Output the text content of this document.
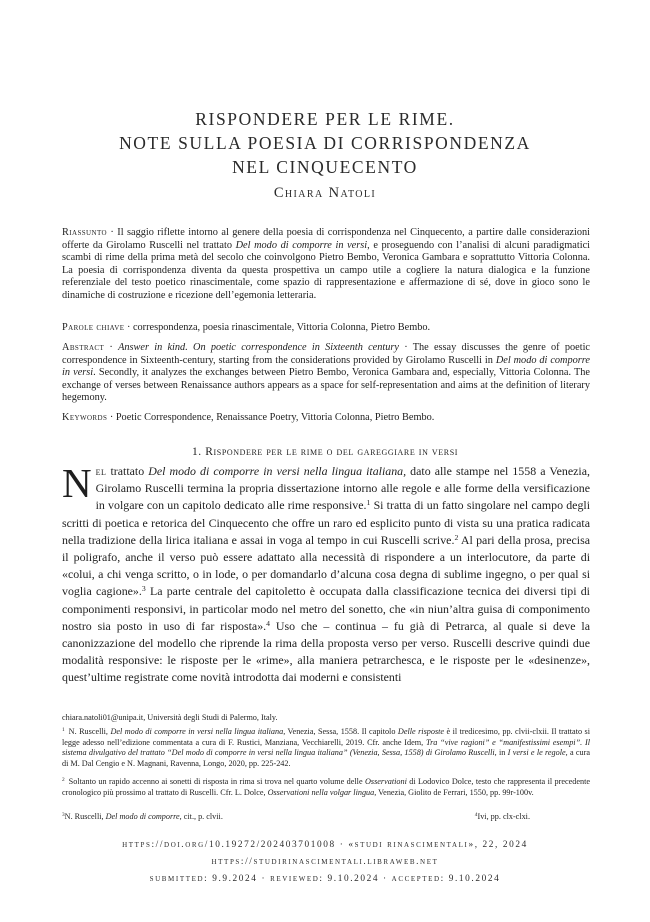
RISPONDERE PER LE RIME.
NOTE SULLA POESIA DI CORRISPONDENZA
NEL CINQUECENTO
Chiara Natoli

Riassunto · Il saggio riflette intorno al genere della poesia di corrispondenza nel Cinquecento, a partire dalle considerazioni offerte da Girolamo Ruscelli nel trattato Del modo di comporre in versi, e proseguendo con l’analisi di alcuni paradigmatici scambi di rime della prima metà del secolo che coinvolgono Pietro Bembo, Veronica Gambara e soprattutto Vittoria Colonna. La poesia di corrispondenza diventa da questa prospettiva un campo utile a cogliere la natura dialogica e la funzione referenziale del testo poetico rinascimentale, come spazio di rappresentazione e affermazione di sé, dove in gioco sono le dinamiche di costruzione e ricezione dell’egemonia letteraria.

Parole chiave · correspondenza, poesia rinascimentale, Vittoria Colonna, Pietro Bembo.

Abstract · Answer in kind. On poetic correspondence in Sixteenth century · The essay discusses the genre of poetic correspondence in Sixteenth-century, starting from the considerations provided by Girolamo Ruscelli in Del modo di comporre in versi. Secondly, it analyzes the exchanges between Pietro Bembo, Veronica Gambara and, especially, Vittoria Colonna. The exchange of verses between Renaissance authors appears as a space for self-representation and aims at the definition of literary hegemony.

Keywords · Poetic Correspondence, Renaissance Poetry, Vittoria Colonna, Pietro Bembo.

1. Rispondere per le rime o del gareggiare in versi

Nel trattato Del modo di comporre in versi nella lingua italiana, dato alle stampe nel 1558 a Venezia, Girolamo Ruscelli termina la propria dissertazione intorno alle regole e alle forme della versificazione in volgare con un capitolo dedicato alle rime responsive.$^1$ Si tratta di un fatto singolare nel campo degli scritti di poetica e retorica del Cinquecento che offre un raro ed esplicito punto di vista su una pratica radicata nella tradizione della lirica italiana e assai in voga al tempo in cui Ruscelli scrive.$^2$ Al pari della prosa, precisa il poligrafo, anche il verso può essere adattato alla necessità di rispondere a un interlocutore, da parte di «colui, a chi venga scritto, o in lode, o per domandarlo d’alcuna cosa degna di sublime ingegno, o per qual si voglia cagione».$^3$ La parte centrale del capitoletto è occupata dalla classificazione tecnica dei diversi tipi di componimenti responsivi, in particolar modo nel metro del sonetto, che «in niun’altra guisa di componimento nostro sia posto in uso di far risposta».$^4$ Uso che – continua – fu già di Petrarca, al quale si deve la canonizzazione del modello che riprende la rima della proposta verso per verso. Ruscelli descrive quindi due modalità responsive: le risposte per le «rime», alla maniera petrarchesca, e le risposte per le «desinenze», quest’ultime registrate come novità introdotta dai moderni e consistenti

chiara.natoli01@unipa.it, Università degli Studi di Palermo, Italy.

$^1$ N. Ruscelli, Del modo di comporre in versi nella lingua italiana, Venezia, Sessa, 1558. Il capitolo Delle risposte è il tredicesimo, pp. clvii-clxii. Il trattato si legge adesso nell’edizione commentata a cura di F. Rustici, Manziana, Vecchiarelli, 2019. Cfr. anche Idem, Tra “vive ragioni” e “manifestissimi esempi”. Il sistema divulgativo del trattato “Del modo di comporre in versi nella lingua italiana” (Venezia, Sessa, 1558) di Girolamo Ruscelli, in I versi e le regole, a cura di M. Dal Cengio e N. Magnani, Ravenna, Longo, 2020, pp. 225-242.

$^2$ Soltanto un rapido accenno ai sonetti di risposta in rima si trova nel quarto volume delle Osservationi di Lodovico Dolce, testo che rappresenta il precedente cronologico più prossimo al trattato di Ruscelli. Cfr. L. Dolce, Osservationi nella volgar lingua, Venezia, Giolito de Ferrari, 1550, pp. 99r-100v.

$^3$N. Ruscelli, Del modo di comporre, cit., p. clvii.	$^4$Ivi, pp. clx-clxi.
https://doi.org/10.19272/202403701008 · «studi rinascimentali», 22, 2024
https://studirinascimentali.libraweb.net
submitted: 9.9.2024 · reviewed: 9.10.2024 · accepted: 9.10.2024
